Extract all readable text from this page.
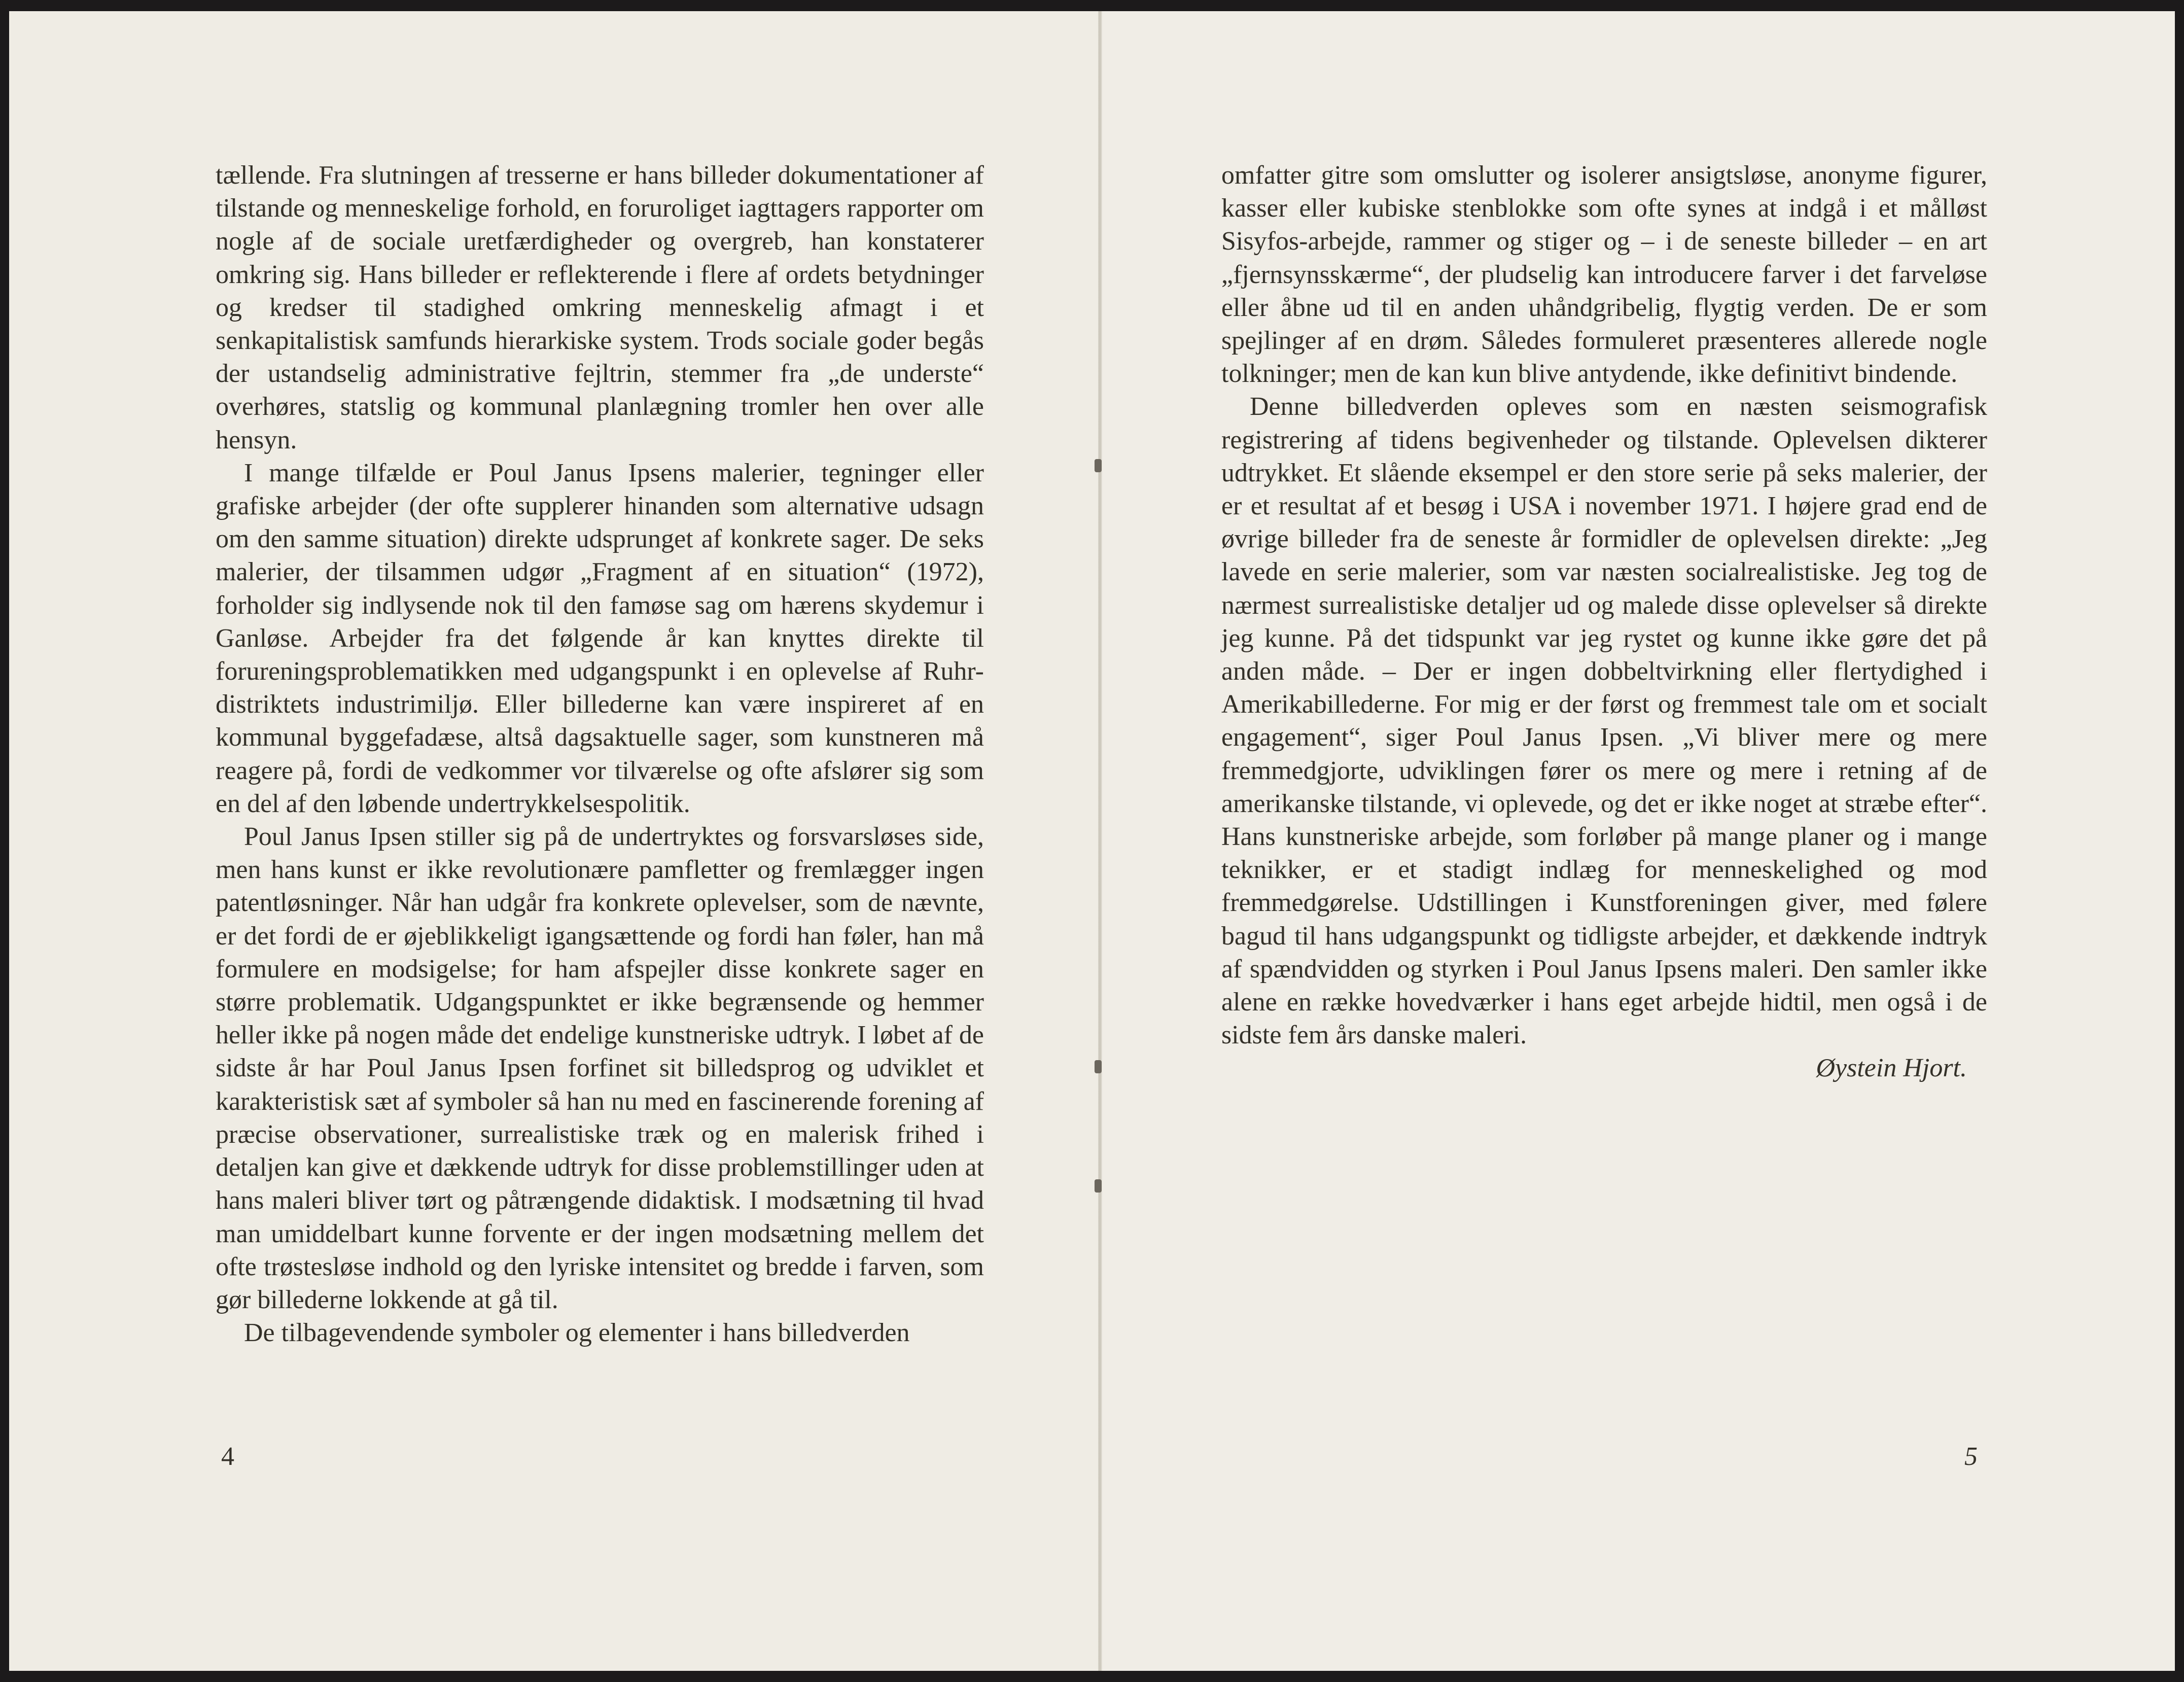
tællende. Fra slutningen af tresserne er hans billeder dokumentationer af tilstande og menneskelige forhold, en foruroliget iagttagers rapporter om nogle af de sociale uretfærdigheder og overgreb, han konstaterer omkring sig. Hans billeder er reflekterende i flere af ordets betydninger og kredser til stadighed omkring menneskelig afmagt i et senkapitalistisk samfunds hierarkiske system. Trods sociale goder begås der ustandselig administrative fejltrin, stemmer fra „de underste“ overhøres, statslig og kommunal planlægning tromler hen over alle hensyn.

I mange tilfælde er Poul Janus Ipsens malerier, tegninger eller grafiske arbejder (der ofte supplerer hinanden som alternative udsagn om den samme situation) direkte udsprunget af konkrete sager. De seks malerier, der tilsammen udgør „Fragment af en situation“ (1972), forholder sig indlysende nok til den famøse sag om hærens skydemur i Ganløse. Arbejder fra det følgende år kan knyttes direkte til forureningsproblematikken med udgangspunkt i en oplevelse af Ruhr-distriktets industrimiljø. Eller billederne kan være inspireret af en kommunal byggefadæse, altså dagsaktuelle sager, som kunstneren må reagere på, fordi de vedkommer vor tilværelse og ofte afslører sig som en del af den løbende undertrykkelsespolitik.

Poul Janus Ipsen stiller sig på de undertryktes og forsvarsløses side, men hans kunst er ikke revolutionære pamfletter og fremlægger ingen patentløsninger. Når han udgår fra konkrete oplevelser, som de nævnte, er det fordi de er øjeblikkeligt igangsættende og fordi han føler, han må formulere en modsigelse; for ham afspejler disse konkrete sager en større problematik. Udgangspunktet er ikke begrænsende og hemmer heller ikke på nogen måde det endelige kunstneriske udtryk. I løbet af de sidste år har Poul Janus Ipsen forfinet sit billedsprog og udviklet et karakteristisk sæt af symboler så han nu med en fascinerende forening af præcise observationer, surrealistiske træk og en malerisk frihed i detaljen kan give et dækkende udtryk for disse problemstillinger uden at hans maleri bliver tørt og påtrængende didaktisk. I modsætning til hvad man umiddelbart kunne forvente er der ingen modsætning mellem det ofte trøstesløse indhold og den lyriske intensitet og bredde i farven, som gør billederne lokkende at gå til.

De tilbagevendende symboler og elementer i hans billedverden

4

omfatter gitre som omslutter og isolerer ansigtsløse, anonyme figurer, kasser eller kubiske stenblokke som ofte synes at indgå i et målløst Sisyfos-arbejde, rammer og stiger og – i de seneste billeder – en art „fjernsynsskærme“, der pludselig kan introducere farver i det farveløse eller åbne ud til en anden uhåndgribelig, flygtig verden. De er som spejlinger af en drøm. Således formuleret præsenteres allerede nogle tolkninger; men de kan kun blive antydende, ikke definitivt bindende.

Denne billedverden opleves som en næsten seismografisk registrering af tidens begivenheder og tilstande. Oplevelsen dikterer udtrykket. Et slående eksempel er den store serie på seks malerier, der er et resultat af et besøg i USA i november 1971. I højere grad end de øvrige billeder fra de seneste år formidler de oplevelsen direkte: „Jeg lavede en serie malerier, som var næsten socialrealistiske. Jeg tog de nærmest surrealistiske detaljer ud og malede disse oplevelser så direkte jeg kunne. På det tidspunkt var jeg rystet og kunne ikke gøre det på anden måde. – Der er ingen dobbeltvirkning eller flertydighed i Amerikabillederne. For mig er der først og fremmest tale om et socialt engagement“, siger Poul Janus Ipsen. „Vi bliver mere og mere fremmedgjorte, udviklingen fører os mere og mere i retning af de amerikanske tilstande, vi oplevede, og det er ikke noget at stræbe efter“. Hans kunstneriske arbejde, som forløber på mange planer og i mange teknikker, er et stadigt indlæg for menneskelighed og mod fremmedgørelse. Udstillingen i Kunstforeningen giver, med følere bagud til hans udgangspunkt og tidligste arbejder, et dækkende indtryk af spændvidden og styrken i Poul Janus Ipsens maleri. Den samler ikke alene en række hovedværker i hans eget arbejde hidtil, men også i de sidste fem års danske maleri.

Øystein Hjort.

5
